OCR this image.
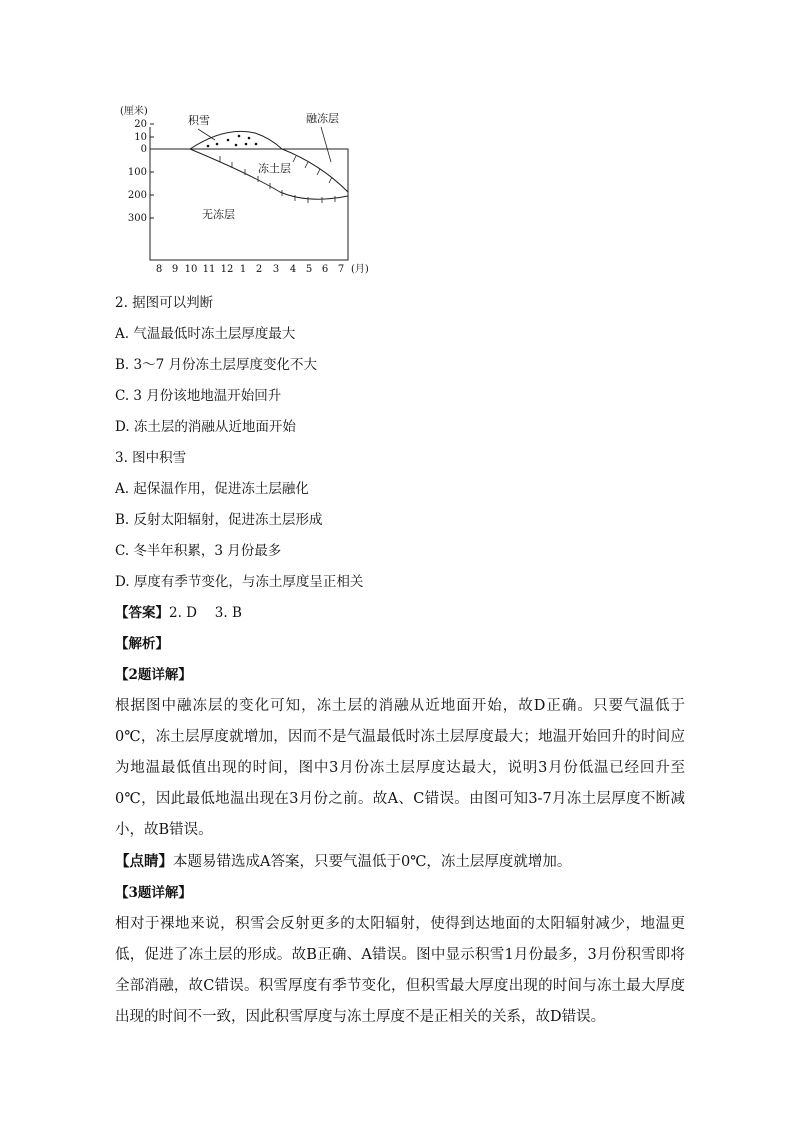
(厘米)
20
10
0
100
200
300
积雪	融冻层
冻土层
无冻层
8 9 10 11 12 1 2 3 4 5 6 7 (月)
2. 据图可以判断
A. 气温最低时冻土层厚度最大
B. 3～7 月份冻土层厚度变化不大
C. 3 月份该地地温开始回升
D. 冻土层的消融从近地面开始
3. 图中积雪
A. 起保温作用，促进冻土层融化
B. 反射太阳辐射，促进冻土层形成
C. 冬半年积累，3 月份最多
D. 厚度有季节变化，与冻土厚度呈正相关
【答案】2. D　 3. B
【解析】
【2题详解】
根据图中融冻层的变化可知，冻土层的消融从近地面开始，故D正确。只要气温低于0℃，冻土层厚度就增加，因而不是气温最低时冻土层厚度最大；地温开始回升的时间应为地温最低值出现的时间，图中3月份冻土层厚度达最大，说明3月份低温已经回升至0℃，因此最低地温出现在3月份之前。故A、C错误。由图可知3-7月冻土层厚度不断减小，故B错误。
【点睛】本题易错选成A答案，只要气温低于0℃，冻土层厚度就增加。
【3题详解】
相对于裸地来说，积雪会反射更多的太阳辐射，使得到达地面的太阳辐射减少，地温更低，促进了冻土层的形成。故B正确、A错误。图中显示积雪1月份最多，3月份积雪即将全部消融，故C错误。积雪厚度有季节变化，但积雪最大厚度出现的时间与冻土最大厚度出现的时间不一致，因此积雪厚度与冻土厚度不是正相关的关系，故D错误。
